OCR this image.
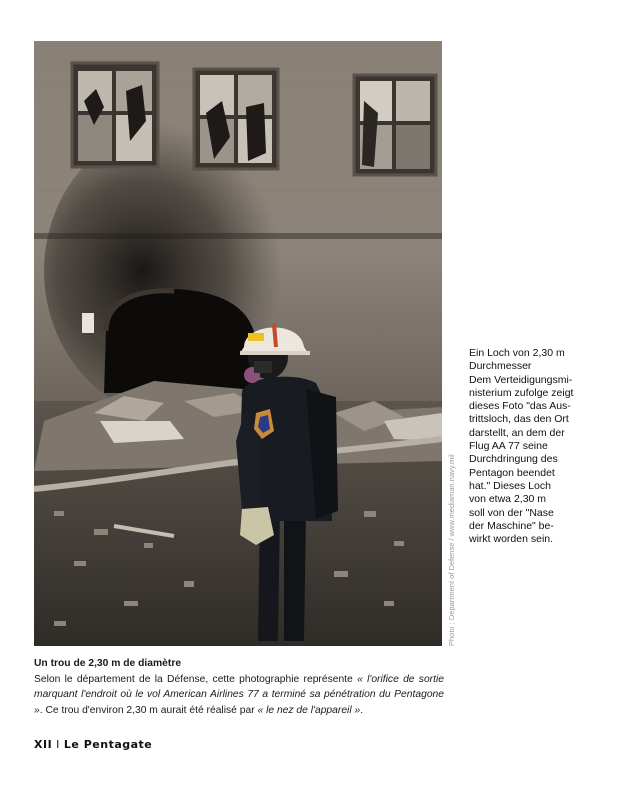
Photo : Department of Defense / www.mediaman.navy.mil

Ein Loch von 2,30 m
Durchmesser
Dem Verteidigungsmi-
nisterium zufolge zeigt
dieses Foto "das Aus-
trittsloch, das den Ort
darstellt, an dem der
Flug AA 77 seine
Durchdringung des
Pentagon beendet
hat." Dieses Loch
von etwa 2,30 m
soll von der "Nase
der Maschine" be-
wirkt worden sein.

Un trou de 2,30 m de diamètre
Selon le département de la Défense, cette photographie représente « l'orifice de sortie marquant l'endroit où le vol American Airlines 77 a terminé sa pénétration du Pentagone ». Ce trou d'environ 2,30 m aurait été réalisé par « le nez de l'appareil ».
XII I Le Pentagate
